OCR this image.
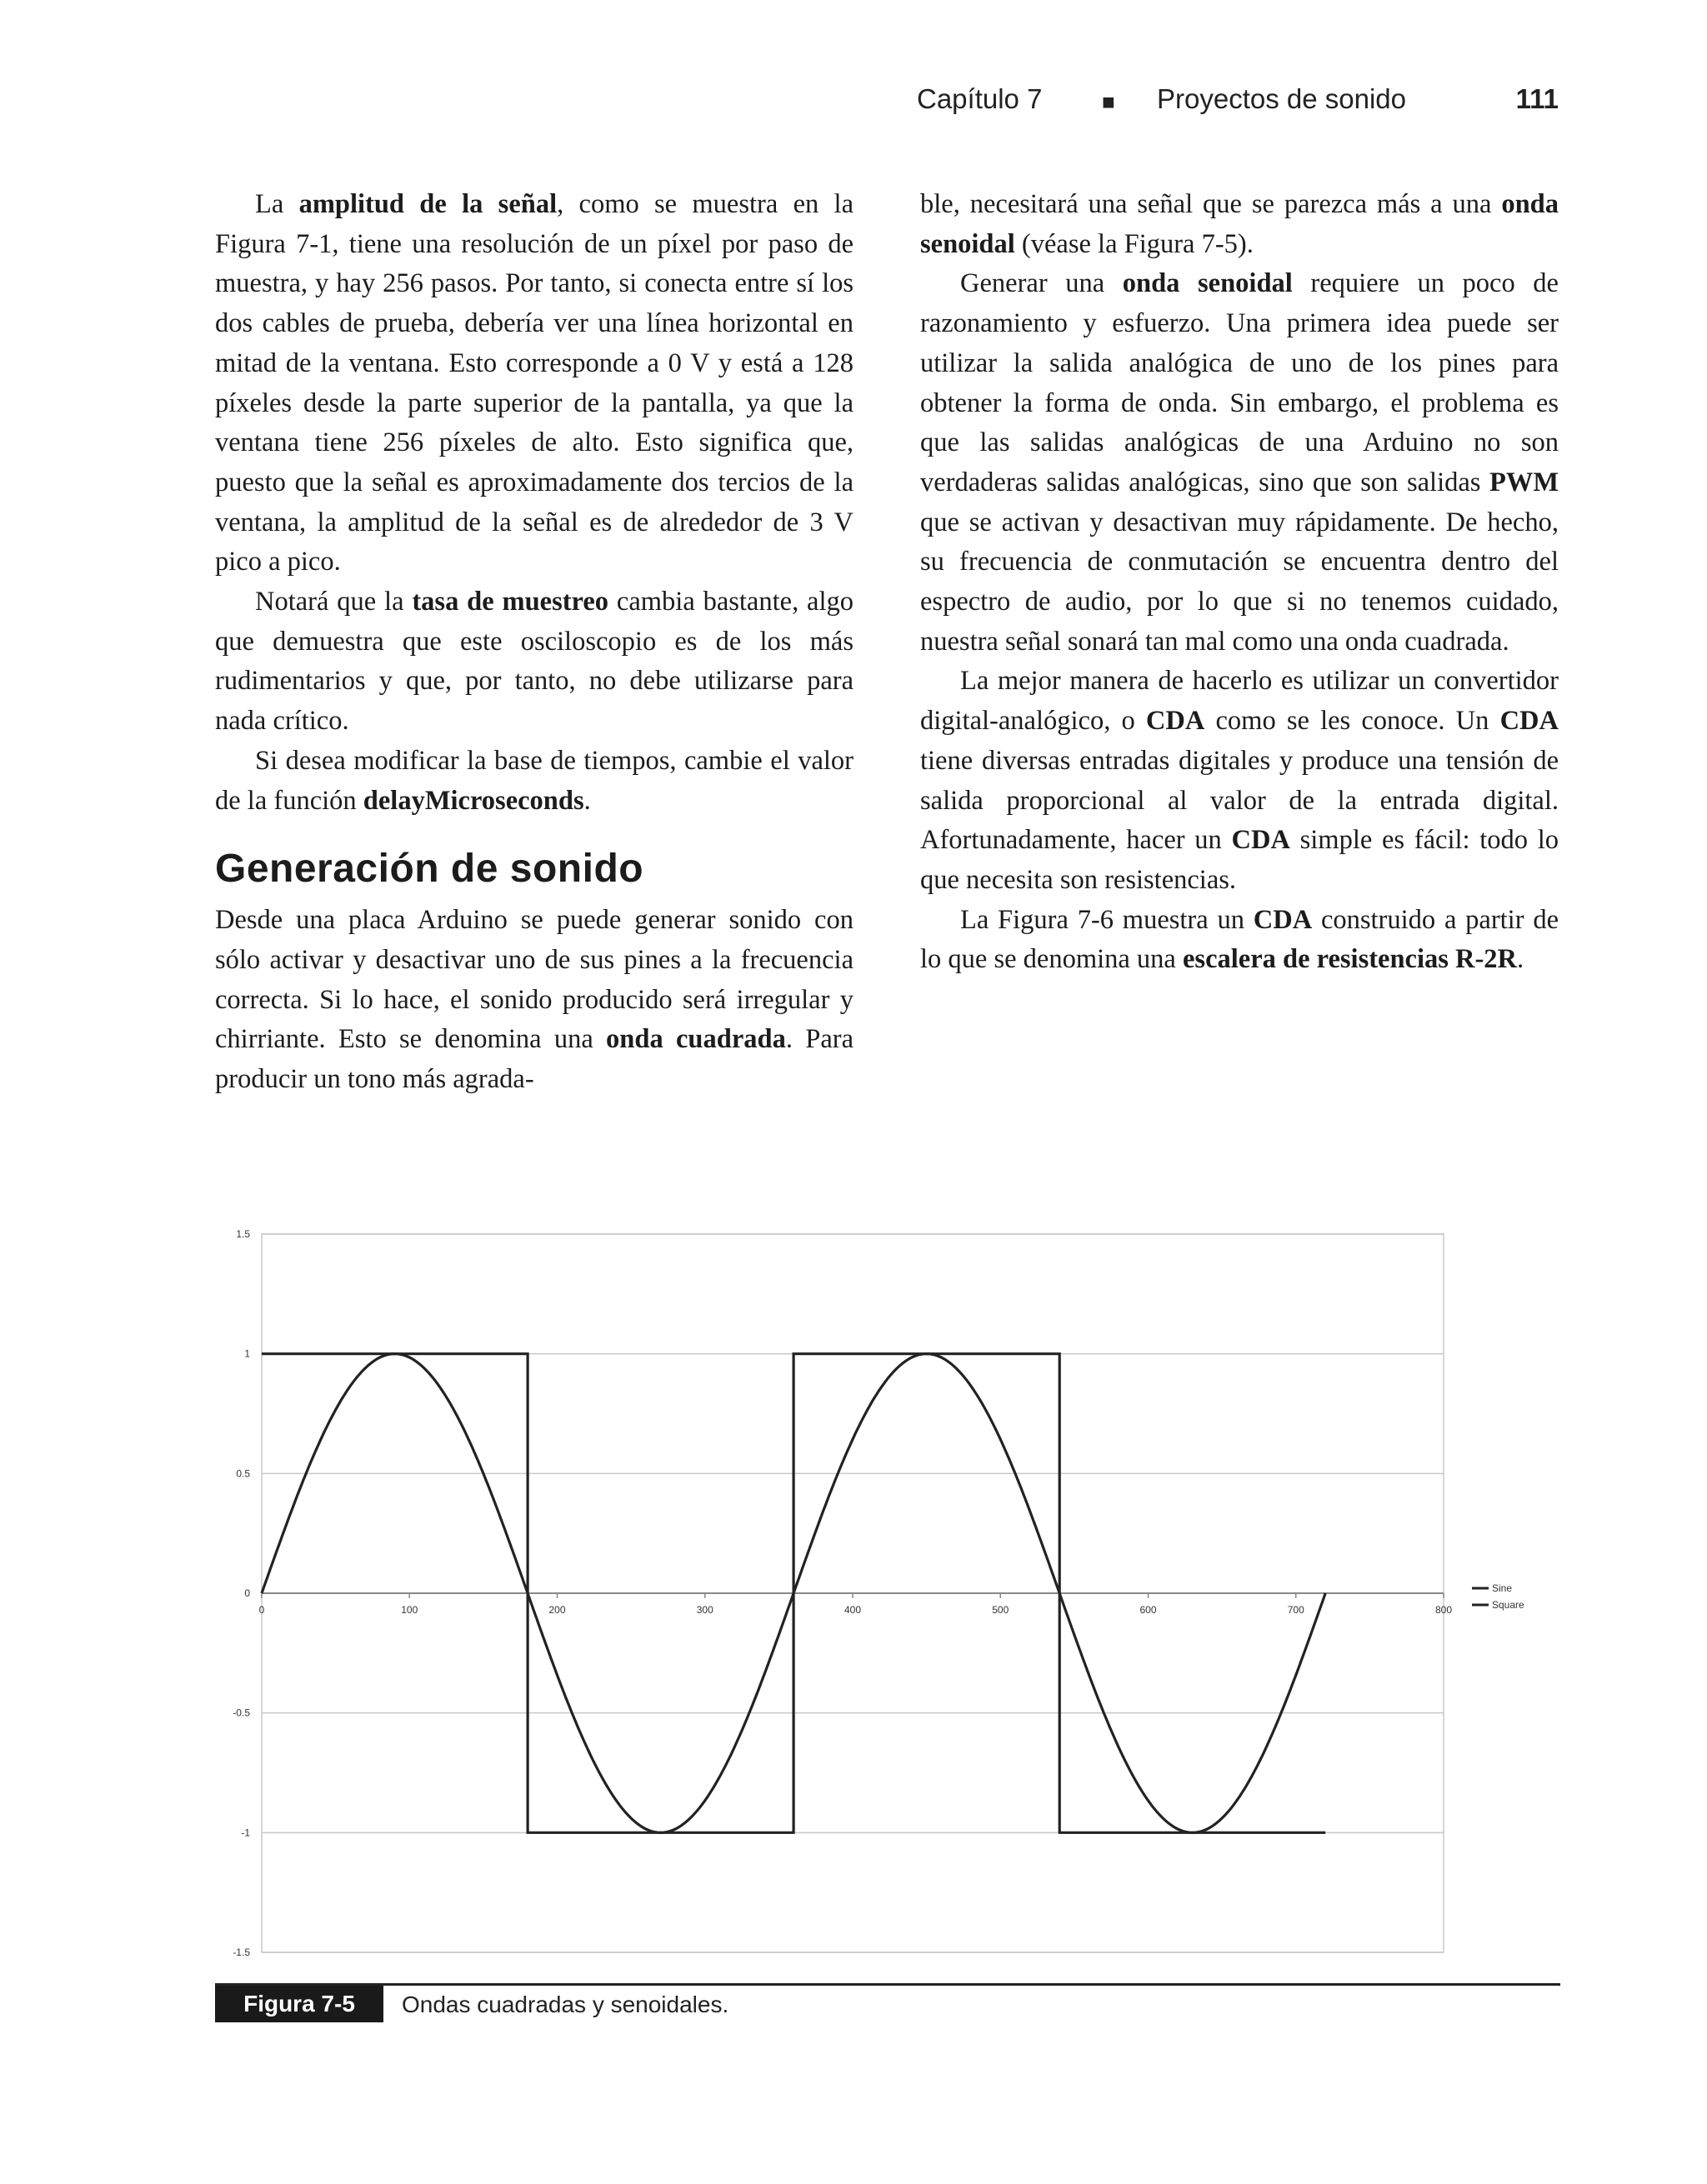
Capítulo 7	■ Proyectos de sonido	111

La amplitud de la señal, como se muestra en la Figura 7-1, tiene una resolución de un píxel por paso de muestra, y hay 256 pasos. Por tanto, si conecta entre sí los dos cables de prueba, debería ver una línea horizontal en mitad de la ventana. Esto corresponde a 0 V y está a 128 píxeles desde la parte superior de la pantalla, ya que la ventana tiene 256 píxeles de alto. Esto significa que, puesto que la señal es aproximadamente dos tercios de la ventana, la amplitud de la señal es de alrededor de 3 V pico a pico.

Notará que la tasa de muestreo cambia bastante, algo que demuestra que este osciloscopio es de los más rudimentarios y que, por tanto, no debe utilizarse para nada crítico.

Si desea modificar la base de tiempos, cambie el valor de la función delayMicroseconds.

Generación de sonido

Desde una placa Arduino se puede generar sonido con sólo activar y desactivar uno de sus pines a la frecuencia correcta. Si lo hace, el sonido producido será irregular y chirriante. Esto se denomina una onda cuadrada. Para producir un tono más agrada-

ble, necesitará una señal que se parezca más a una onda senoidal (véase la Figura 7-5).

Generar una onda senoidal requiere un poco de razonamiento y esfuerzo. Una primera idea puede ser utilizar la salida analógica de uno de los pines para obtener la forma de onda. Sin embargo, el problema es que las salidas analógicas de una Arduino no son verdaderas salidas analógicas, sino que son salidas PWM que se activan y desactivan muy rápidamente. De hecho, su frecuencia de conmutación se encuentra dentro del espectro de audio, por lo que si no tenemos cuidado, nuestra señal sonará tan mal como una onda cuadrada.

La mejor manera de hacerlo es utilizar un convertidor digital-analógico, o CDA como se les conoce. Un CDA tiene diversas entradas digitales y produce una tensión de salida proporcional al valor de la entrada digital. Afortunadamente, hacer un CDA simple es fácil: todo lo que necesita son resistencias.

La Figura 7-6 muestra un CDA construido a partir de lo que se denomina una escalera de resistencias R-2R.

1.5
1
0.5
0
-0.5
-1
-1.5
0	100	200	300	400	500	600	700	800
Sine
Square
Figura 7-5	Ondas cuadradas y senoidales.
